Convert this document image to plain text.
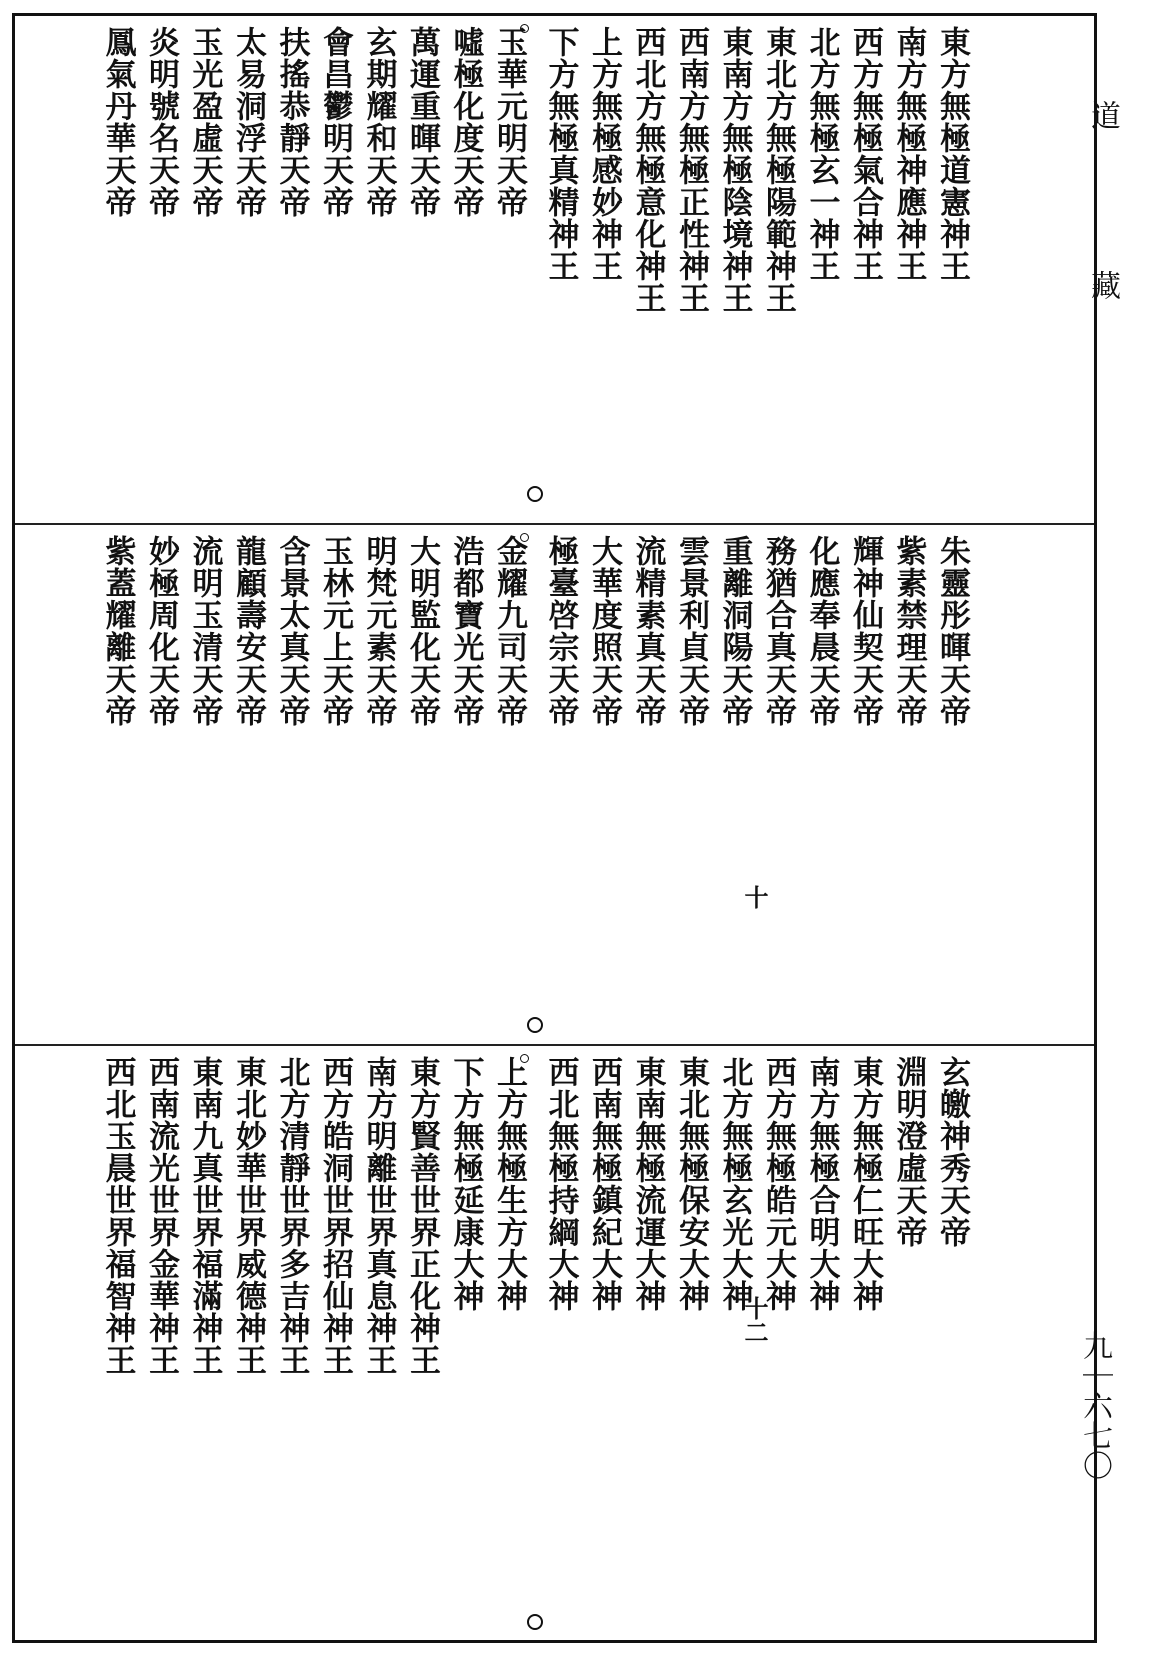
東方無極道憲神王
南方無極神應神王
西方無極氣合神王
北方無極玄一神王
東北方無極陽範神王
東南方無極陰境神王
西南方無極正性神王
西北方無極意化神王
上方無極感妙神王
下方無極真精神王
玉華元明天帝
噓極化度天帝
萬運重暉天帝
玄期耀和天帝
會昌鬱明天帝
扶搖恭靜天帝
太易洞浮天帝
玉光盈虛天帝
炎明號名天帝
鳳氣丹華天帝
十
朱靈彤暉天帝
紫素禁理天帝
輝神仙契天帝
化應奉晨天帝
務猶合真天帝
重離洞陽天帝
雲景利貞天帝
流精素真天帝
大華度照天帝
極臺啓宗天帝
金耀九司天帝
浩都寶光天帝
大明監化天帝
明梵元素天帝
玉林元上天帝
含景太真天帝
龍顧壽安天帝
流明玉清天帝
妙極周化天帝
紫蓋耀離天帝
十二
玄皦神秀天帝
淵明澄虛天帝
東方無極仁旺大神
南方無極合明大神
西方無極皓元大神
北方無極玄光大神
東北無極保安大神
東南無極流運大神
西南無極鎮紀大神
西北無極持綱大神
上方無極生方大神
下方無極延康大神
東方賢善世界正化神王
南方明離世界真息神王
西方皓洞世界招仙神王
北方清靜世界多吉神王
東北妙華世界威德神王
東南九真世界福滿神王
西南流光世界金華神王
西北玉晨世界福智神王
道
藏
九｜六七〇
